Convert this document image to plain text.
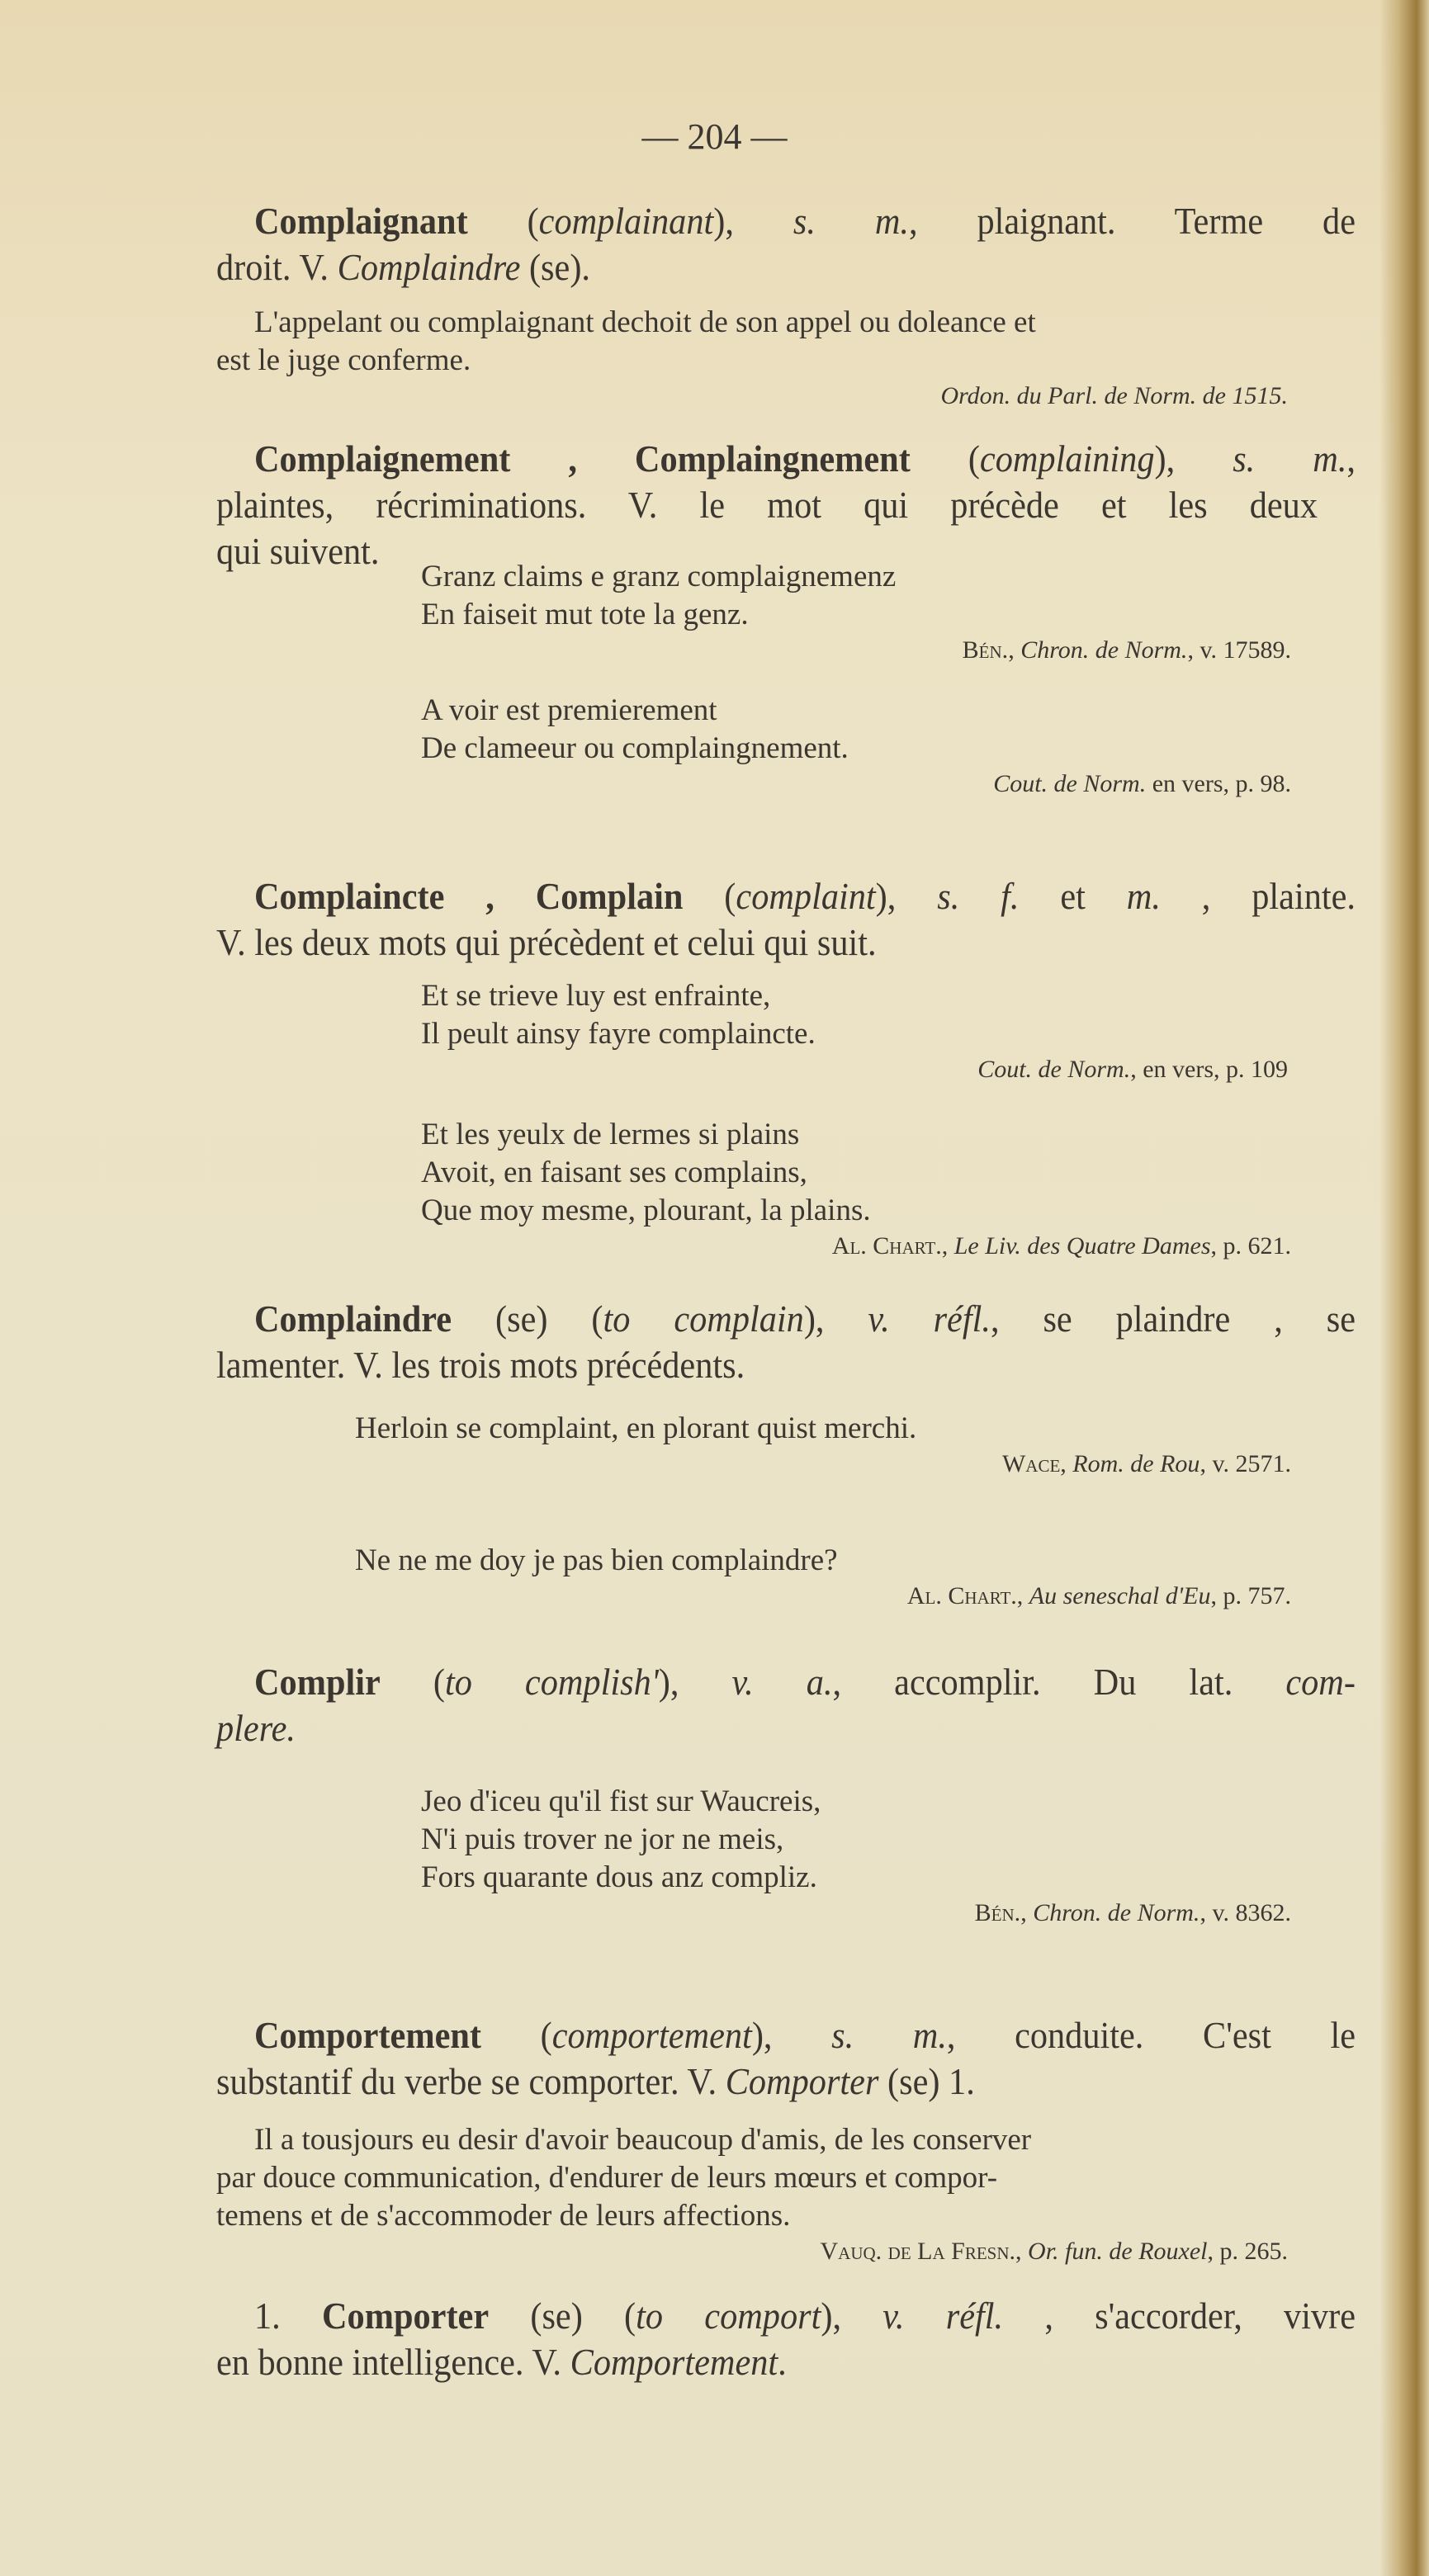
— 204 —
Complaignant (complainant), s. m., plaignant. Terme de
droit. V. Complaindre (se).
L'appelant ou complaignant dechoit de son appel ou doleance et
est le juge conferme.
Ordon. du Parl. de Norm. de 1515.
Complaignement , Complaingnement (complaining), s. m.,
plaintes, récriminations. V. le mot qui précède et les deux
qui suivent.
Granz claims e granz complaignemenz
En faiseit mut tote la genz.
Bén., Chron. de Norm., v. 17589.
A voir est premierement
De clameeur ou complaingnement.
Cout. de Norm. en vers, p. 98.
Complaincte , Complain (complaint), s. f. et m. , plainte.
V. les deux mots qui précèdent et celui qui suit.
Et se trieve luy est enfrainte,
Il peult ainsy fayre complaincte.
Cout. de Norm., en vers, p. 109
Et les yeulx de lermes si plains
Avoit, en faisant ses complains,
Que moy mesme, plourant, la plains.
Al. Chart., Le Liv. des Quatre Dames, p. 621.
Complaindre (se) (to complain), v. réfl., se plaindre , se
lamenter. V. les trois mots précédents.
Herloin se complaint, en plorant quist merchi.
Wace, Rom. de Rou, v. 2571.
Ne ne me doy je pas bien complaindre?
Al. Chart., Au seneschal d'Eu, p. 757.
Complir (to complish'), v. a., accomplir. Du lat. com-
plere.
Jeo d'iceu qu'il fist sur Waucreis,
N'i puis trover ne jor ne meis,
Fors quarante dous anz compliz.
Bén., Chron. de Norm., v. 8362.
Comportement (comportement), s. m., conduite. C'est le
substantif du verbe se comporter. V. Comporter (se) 1.
Il a tousjours eu desir d'avoir beaucoup d'amis, de les conserver
par douce communication, d'endurer de leurs mœurs et compor-
temens et de s'accommoder de leurs affections.
Vauq. de La Fresn., Or. fun. de Rouxel, p. 265.
1. Comporter (se) (to comport), v. réfl. , s'accorder, vivre
en bonne intelligence. V. Comportement.
